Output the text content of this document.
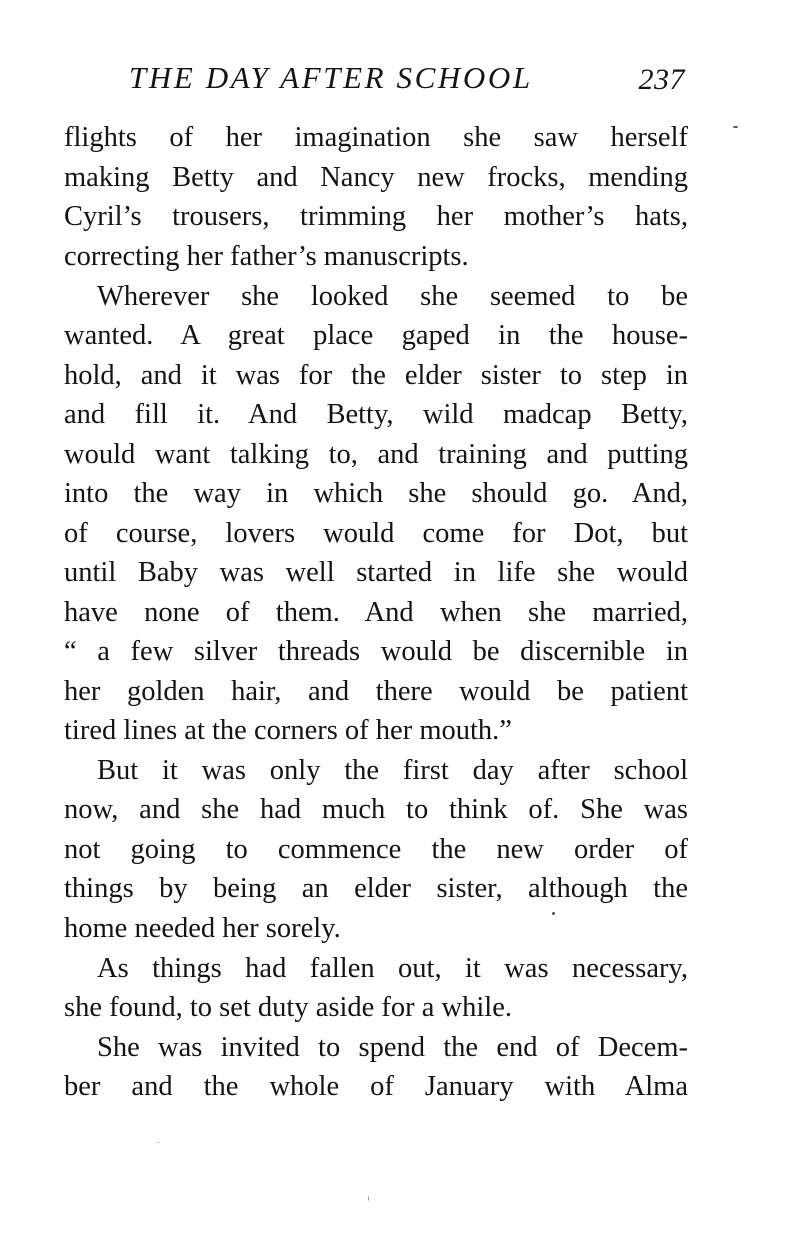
THE DAY AFTER SCHOOL	237
flights of her imagination she saw herself
making Betty and Nancy new frocks, mending
Cyril’s trousers, trimming her mother’s hats,
correcting her father’s manuscripts.
Wherever she looked she seemed to be
wanted. A great place gaped in the house-
hold, and it was for the elder sister to step in
and fill it. And Betty, wild madcap Betty,
would want talking to, and training and putting
into the way in which she should go. And,
of course, lovers would come for Dot, but
until Baby was well started in life she would
have none of them. And when she married,
“ a few silver threads would be discernible in
her golden hair, and there would be patient
tired lines at the corners of her mouth.”
But it was only the first day after school
now, and she had much to think of. She was
not going to commence the new order of
things by being an elder sister, although the
home needed her sorely.
As things had fallen out, it was necessary,
she found, to set duty aside for a while.
She was invited to spend the end of Decem-
ber and the whole of January with Alma
